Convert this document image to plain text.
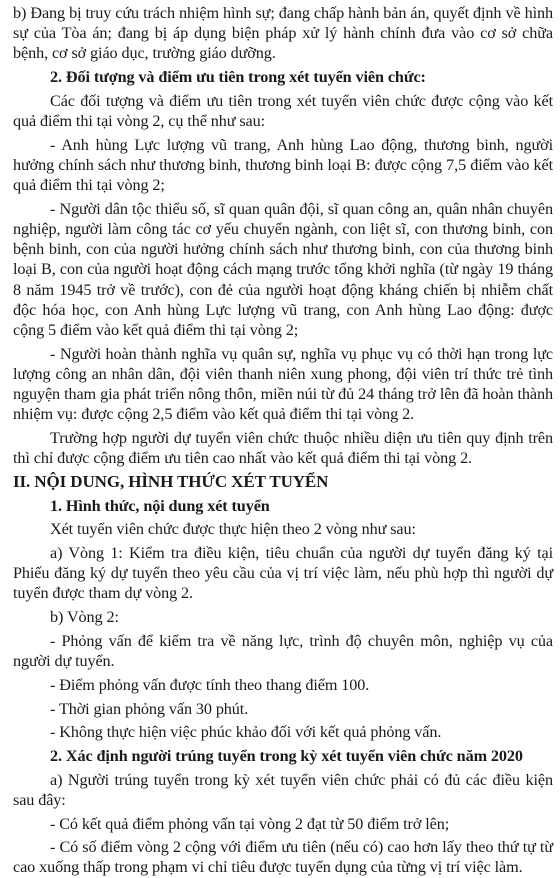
b) Đang bị truy cứu trách nhiệm hình sự; đang chấp hành bản án, quyết định về hình sự của Tòa án; đang bị áp dụng biện pháp xử lý hành chính đưa vào cơ sở chữa bệnh, cơ sở giáo dục, trường giáo dưỡng.
2. Đối tượng và điểm ưu tiên trong xét tuyển viên chức:
Các đối tượng và điểm ưu tiên trong xét tuyển viên chức được cộng vào kết quả điểm thi tại vòng 2, cụ thể như sau:
- Anh hùng Lực lượng vũ trang, Anh hùng Lao động, thương binh, người hưởng chính sách như thương binh, thương binh loại B: được cộng 7,5 điểm vào kết quả điểm thi tại vòng 2;
- Người dân tộc thiểu số, sĩ quan quân đội, sĩ quan công an, quân nhân chuyên nghiệp, người làm công tác cơ yếu chuyển ngành, con liệt sĩ, con thương binh, con bệnh binh, con của người hưởng chính sách như thương binh, con của thương binh loại B, con của người hoạt động cách mạng trước tổng khởi nghĩa (từ ngày 19 tháng 8 năm 1945 trở về trước), con đẻ của người hoạt động kháng chiến bị nhiễm chất độc hóa học, con Anh hùng Lực lượng vũ trang, con Anh hùng Lao động: được cộng 5 điểm vào kết quả điểm thi tại vòng 2;
- Người hoàn thành nghĩa vụ quân sự, nghĩa vụ phục vụ có thời hạn trong lực lượng công an nhân dân, đội viên thanh niên xung phong, đội viên trí thức trẻ tình nguyện tham gia phát triển nông thôn, miền núi từ đủ 24 tháng trở lên đã hoàn thành nhiệm vụ: được cộng 2,5 điểm vào kết quả điểm thi tại vòng 2.
Trường hợp người dự tuyển viên chức thuộc nhiều diện ưu tiên quy định trên thì chỉ được cộng điểm ưu tiên cao nhất vào kết quả điểm thi tại vòng 2.
II. NỘI DUNG, HÌNH THỨC XÉT TUYỂN
1. Hình thức, nội dung xét tuyển
Xét tuyển viên chức được thực hiện theo 2 vòng như sau:
a) Vòng 1: Kiểm tra điều kiện, tiêu chuẩn của người dự tuyển đăng ký tại Phiếu đăng ký dự tuyển theo yêu cầu của vị trí việc làm, nếu phù hợp thì người dự tuyển được tham dự vòng 2.
b) Vòng 2:
- Phỏng vấn để kiểm tra về năng lực, trình độ chuyên môn, nghiệp vụ của người dự tuyển.
- Điểm phỏng vấn được tính theo thang điểm 100.
- Thời gian phỏng vấn 30 phút.
- Không thực hiện việc phúc khảo đối với kết quả phỏng vấn.
2. Xác định người trúng tuyển trong kỳ xét tuyển viên chức năm 2020
a) Người trúng tuyển trong kỳ xét tuyển viên chức phải có đủ các điều kiện sau đây:
- Có kết quả điểm phỏng vấn tại vòng 2 đạt từ 50 điểm trở lên;
- Có số điểm vòng 2 cộng với điểm ưu tiên (nếu có) cao hơn lấy theo thứ tự từ cao xuống thấp trong phạm vi chỉ tiêu được tuyển dụng của từng vị trí việc làm.
